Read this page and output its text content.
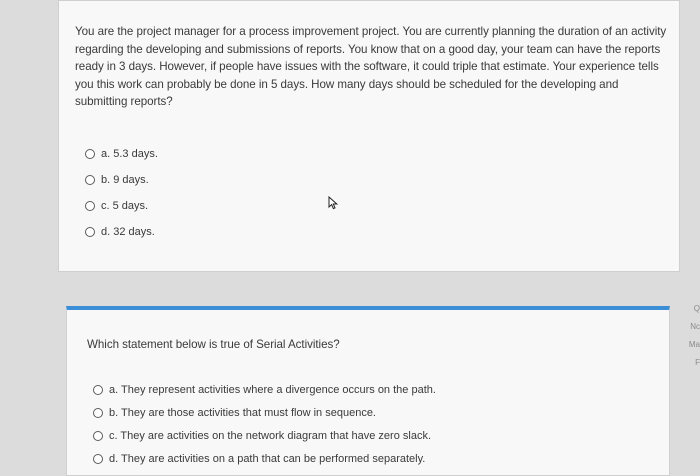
You are the project manager for a process improvement project. You are currently planning the duration of an activity regarding the developing and submissions of reports. You know that on a good day, your team can have the reports ready in 3 days. However, if people have issues with the software, it could triple that estimate. Your experience tells you this work can probably be done in 5 days. How many days should be scheduled for the developing and submitting reports?
a. 5.3 days.
b. 9 days.
c. 5 days.
d. 32 days.
Which statement below is true of Serial Activities?
a. They represent activities where a divergence occurs on the path.
b. They are those activities that must flow in sequence.
c. They are activities on the network diagram that have zero slack.
d. They are activities on a path that can be performed separately.
Q
Nc
Ma
F
